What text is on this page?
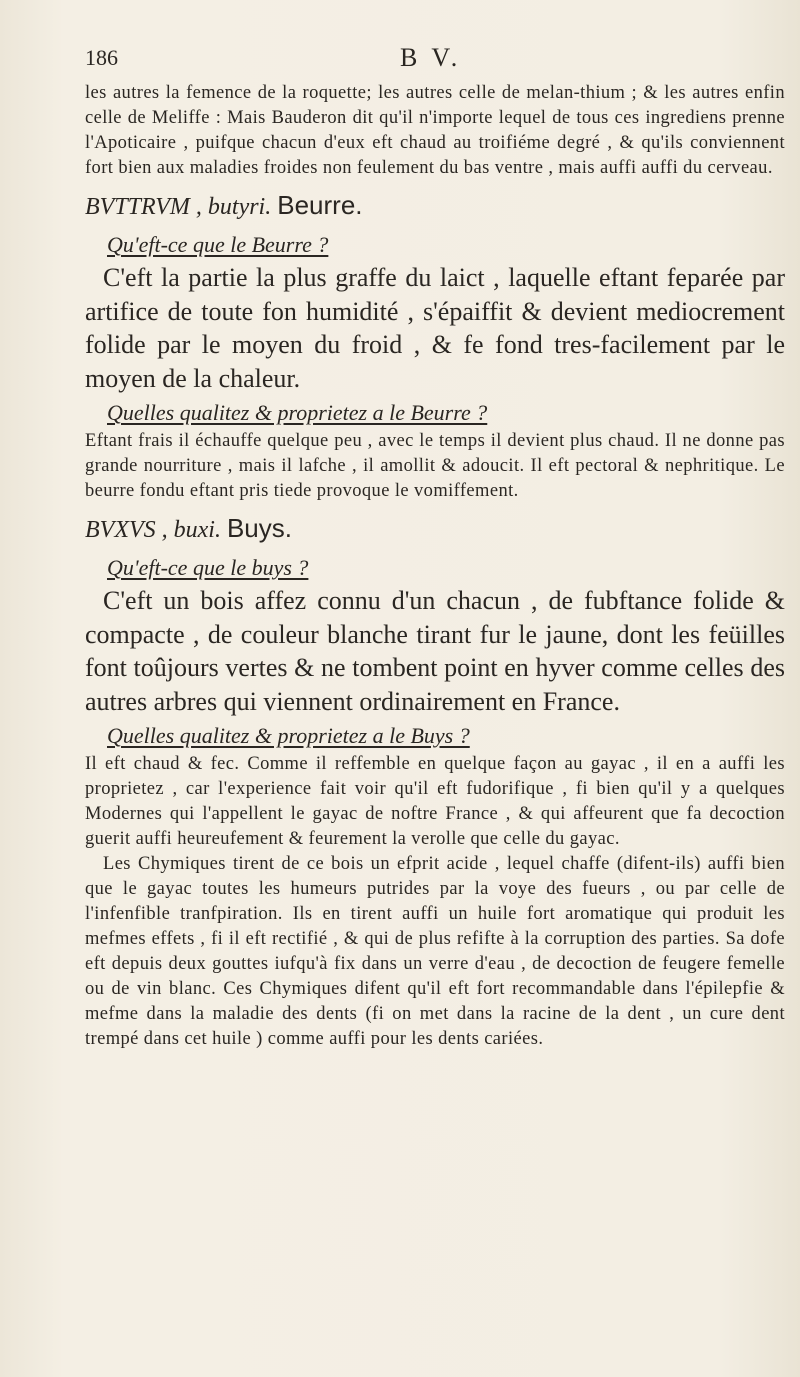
186	B V.

les autres la femence de la roquette; les autres celle de melan-thium ; & les autres enfin celle de Meliffe : Mais Bauderon dit qu'il n'importe lequel de tous ces ingrediens prenne l'Apoticaire , puifque chacun d'eux eft chaud au troifiéme degré , & qu'ils conviennent fort bien aux maladies froides non feulement du bas ventre , mais auffi auffi du cerveau.

BVTTRVM , butyri. Beurre.

Qu'eft-ce que le Beurre ?

C'eft la partie la plus graffe du laict , laquelle eftant feparée par artifice de toute fon humidité , s'épaiffit & devient mediocrement folide par le moyen du froid , & fe fond tres-facilement par le moyen de la chaleur.

Quelles qualitez & proprietez a le Beurre ?

Eftant frais il échauffe quelque peu , avec le temps il devient plus chaud. Il ne donne pas grande nourriture , mais il lafche , il amollit & adoucit. Il eft pectoral & nephritique. Le beurre fondu eftant pris tiede provoque le vomiffement.

BVXVS , buxi. Buys.

Qu'eft-ce que le buys ?

C'eft un bois affez connu d'un chacun , de fubftance folide & compacte , de couleur blanche tirant fur le jaune, dont les feüilles font toûjours vertes & ne tombent point en hyver comme celles des autres arbres qui viennent ordinairement en France.

Quelles qualitez & proprietez a le Buys ?

Il eft chaud & fec. Comme il reffemble en quelque façon au gayac , il en a auffi les proprietez , car l'experience fait voir qu'il eft fudorifique , fi bien qu'il y a quelques Modernes qui l'appellent le gayac de noftre France , & qui affeurent que fa decoction guerit auffi heureufement & feurement la verolle que celle du gayac.

Les Chymiques tirent de ce bois un efprit acide , lequel chaffe (difent-ils) auffi bien que le gayac toutes les humeurs putrides par la voye des fueurs , ou par celle de l'infenfible tranfpiration. Ils en tirent auffi un huile fort aromatique qui produit les mefmes effets , fi il eft rectifié , & qui de plus refifte à la corruption des parties. Sa dofe eft depuis deux gouttes iufqu'à fix dans un verre d'eau , de decoction de feugere femelle ou de vin blanc. Ces Chymiques difent qu'il eft fort recommandable dans l'épilepfie & mefme dans la maladie des dents (fi on met dans la racine de la dent , un cure dent trempé dans cet huile ) comme auffi pour les dents cariées.
